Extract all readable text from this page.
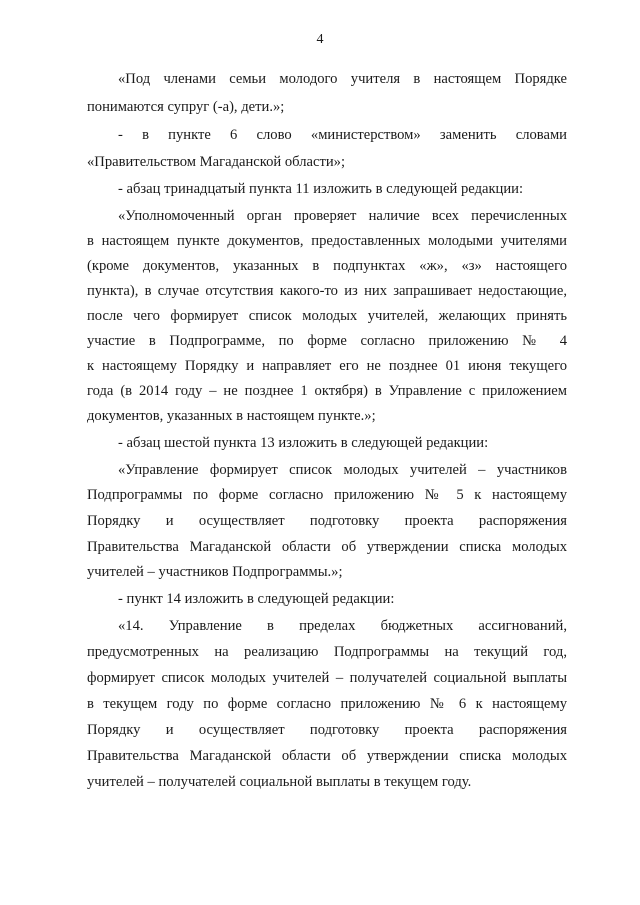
4
«Под членами семьи молодого учителя в настоящем Порядке
понимаются супруг (-а), дети.»;
- в пункте 6 слово «министерством» заменить словами
«Правительством Магаданской области»;
- абзац тринадцатый пункта 11 изложить в следующей редакции:
«Уполномоченный орган проверяет наличие всех перечисленных
в настоящем пункте документов, предоставленных молодыми учителями
(кроме документов, указанных в подпунктах «ж», «з» настоящего
пункта), в случае отсутствия какого-то из них запрашивает недостающие,
после чего формирует список молодых учителей, желающих принять
участие в Подпрограмме, по форме согласно приложению № 4
к настоящему Порядку и направляет его не позднее 01 июня текущего
года (в 2014 году – не позднее 1 октября) в Управление с приложением
документов, указанных в настоящем пункте.»;
- абзац шестой пункта 13 изложить в следующей редакции:
«Управление формирует список молодых учителей – участников
Подпрограммы по форме согласно приложению № 5 к настоящему
Порядку и осуществляет подготовку проекта распоряжения
Правительства Магаданской области об утверждении списка молодых
учителей – участников Подпрограммы.»;
- пункт 14 изложить в следующей редакции:
«14. Управление в пределах бюджетных ассигнований,
предусмотренных на реализацию Подпрограммы на текущий год,
формирует список молодых учителей – получателей социальной выплаты
в текущем году по форме согласно приложению № 6 к настоящему
Порядку и осуществляет подготовку проекта распоряжения
Правительства Магаданской области об утверждении списка молодых
учителей – получателей социальной выплаты в текущем году.
